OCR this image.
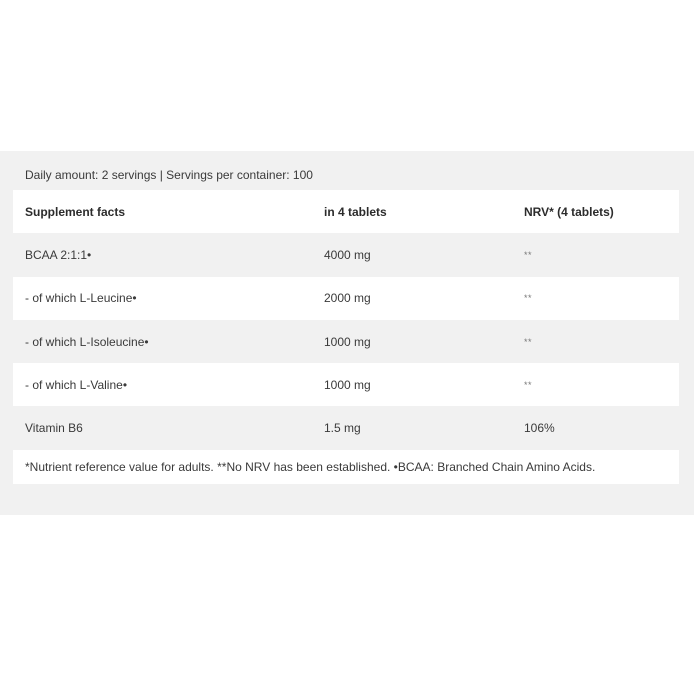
Daily amount: 2 servings | Servings per container: 100
Supplement facts	in 4 tablets	NRV* (4 tablets)
BCAA 2:1:1•	4000 mg	**
- of which L-Leucine•	2000 mg	**
- of which L-Isoleucine•	1000 mg	**
- of which L-Valine•	1000 mg	**
Vitamin B6	1.5 mg	106%
*Nutrient reference value for adults. **No NRV has been established. •BCAA: Branched Chain Amino Acids.
